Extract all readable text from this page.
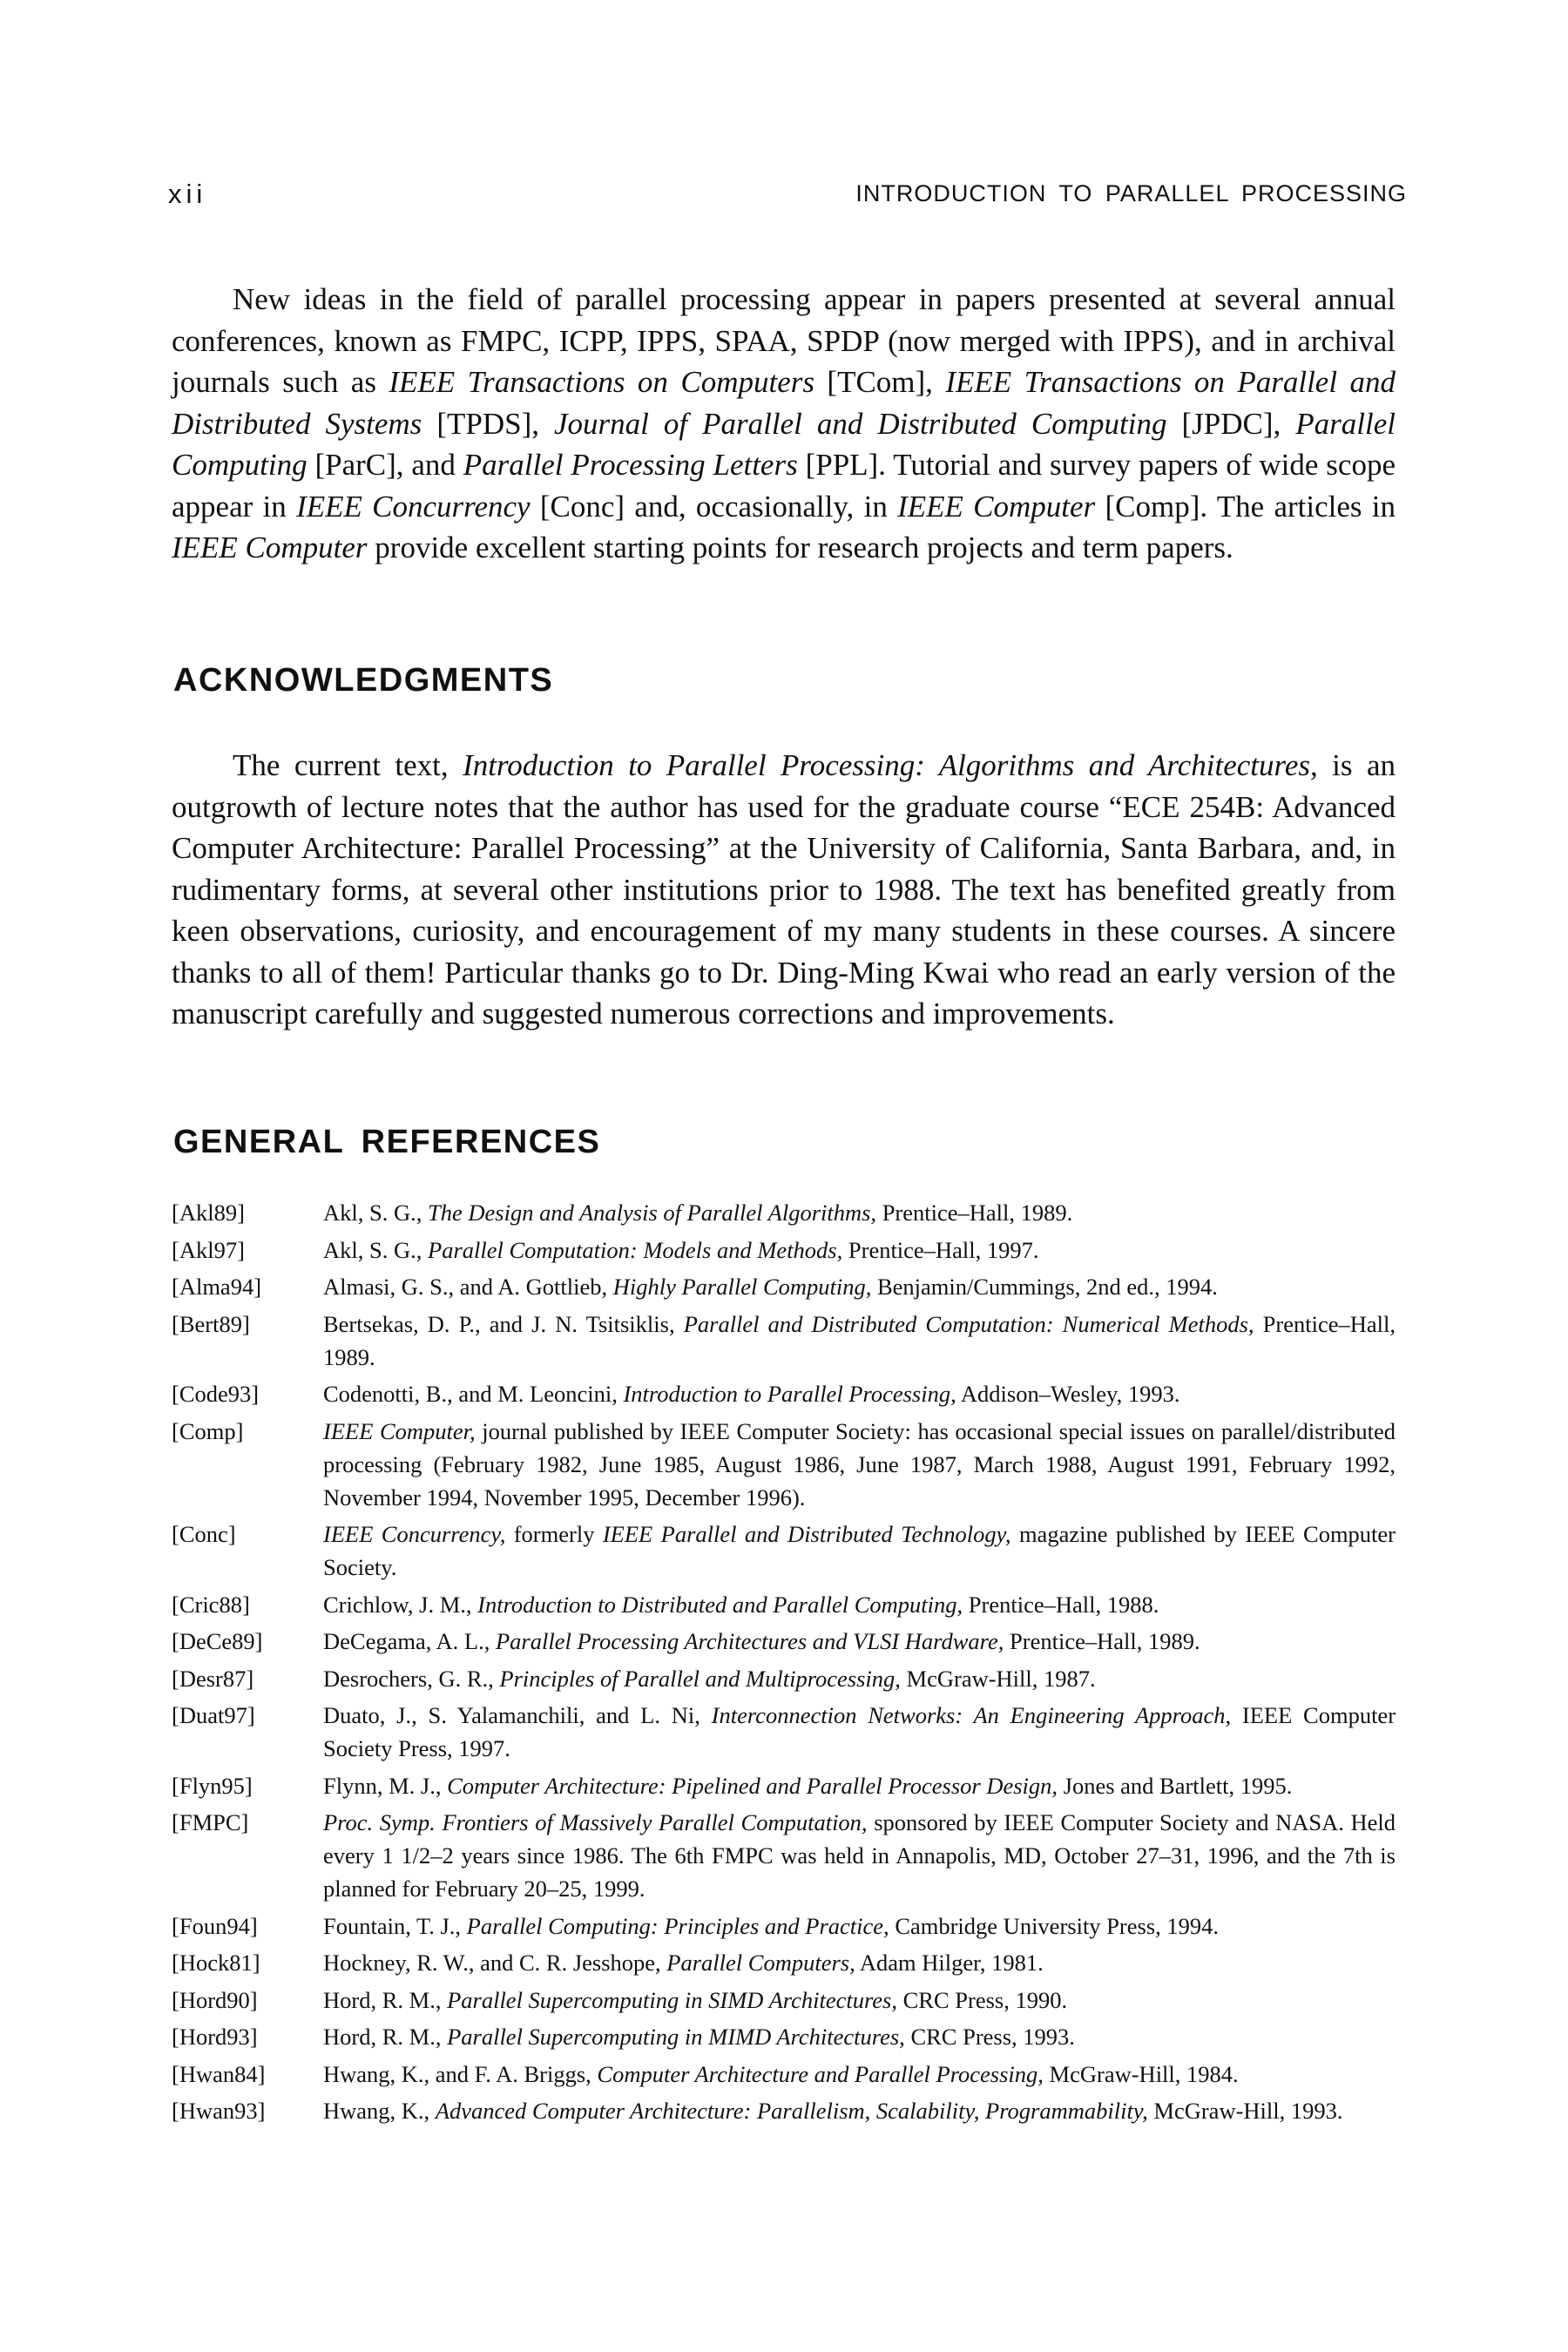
xii	INTRODUCTION TO PARALLEL PROCESSING

New ideas in the field of parallel processing appear in papers presented at several annual conferences, known as FMPC, ICPP, IPPS, SPAA, SPDP (now merged with IPPS), and in archival journals such as IEEE Transactions on Computers [TCom], IEEE Transactions on Parallel and Distributed Systems [TPDS], Journal of Parallel and Distributed Computing [JPDC], Parallel Computing [ParC], and Parallel Processing Letters [PPL]. Tutorial and survey papers of wide scope appear in IEEE Concurrency [Conc] and, occasionally, in IEEE Computer [Comp]. The articles in IEEE Computer provide excellent starting points for research projects and term papers.

ACKNOWLEDGMENTS

The current text, Introduction to Parallel Processing: Algorithms and Architectures, is an outgrowth of lecture notes that the author has used for the graduate course “ECE 254B: Advanced Computer Architecture: Parallel Processing” at the University of California, Santa Barbara, and, in rudimentary forms, at several other institutions prior to 1988. The text has benefited greatly from keen observations, curiosity, and encouragement of my many students in these courses. A sincere thanks to all of them! Particular thanks go to Dr. Ding-Ming Kwai who read an early version of the manuscript carefully and suggested numerous corrections and improvements.

GENERAL REFERENCES
[Akl89]	Akl, S. G., The Design and Analysis of Parallel Algorithms, Prentice–Hall, 1989.
[Akl97]	Akl, S. G., Parallel Computation: Models and Methods, Prentice–Hall, 1997.
[Alma94]	Almasi, G. S., and A. Gottlieb, Highly Parallel Computing, Benjamin/Cummings, 2nd ed., 1994.
[Bert89]	Bertsekas, D. P., and J. N. Tsitsiklis, Parallel and Distributed Computation: Numerical Methods, Prentice–Hall, 1989.
[Code93]	Codenotti, B., and M. Leoncini, Introduction to Parallel Processing, Addison–Wesley, 1993.
[Comp]	IEEE Computer, journal published by IEEE Computer Society: has occasional special issues on parallel/distributed processing (February 1982, June 1985, August 1986, June 1987, March 1988, August 1991, February 1992, November 1994, November 1995, December 1996).
[Conc]	IEEE Concurrency, formerly IEEE Parallel and Distributed Technology, magazine published by IEEE Computer Society.
[Cric88]	Crichlow, J. M., Introduction to Distributed and Parallel Computing, Prentice–Hall, 1988.
[DeCe89]	DeCegama, A. L., Parallel Processing Architectures and VLSI Hardware, Prentice–Hall, 1989.
[Desr87]	Desrochers, G. R., Principles of Parallel and Multiprocessing, McGraw-Hill, 1987.
[Duat97]	Duato, J., S. Yalamanchili, and L. Ni, Interconnection Networks: An Engineering Approach, IEEE Computer Society Press, 1997.
[Flyn95]	Flynn, M. J., Computer Architecture: Pipelined and Parallel Processor Design, Jones and Bartlett, 1995.
[FMPC]	Proc. Symp. Frontiers of Massively Parallel Computation, sponsored by IEEE Computer Society and NASA. Held every 1 1/2–2 years since 1986. The 6th FMPC was held in Annapolis, MD, October 27–31, 1996, and the 7th is planned for February 20–25, 1999.
[Foun94]	Fountain, T. J., Parallel Computing: Principles and Practice, Cambridge University Press, 1994.
[Hock81]	Hockney, R. W., and C. R. Jesshope, Parallel Computers, Adam Hilger, 1981.
[Hord90]	Hord, R. M., Parallel Supercomputing in SIMD Architectures, CRC Press, 1990.
[Hord93]	Hord, R. M., Parallel Supercomputing in MIMD Architectures, CRC Press, 1993.
[Hwan84]	Hwang, K., and F. A. Briggs, Computer Architecture and Parallel Processing, McGraw-Hill, 1984.
[Hwan93]	Hwang, K., Advanced Computer Architecture: Parallelism, Scalability, Programmability, McGraw-Hill, 1993.
